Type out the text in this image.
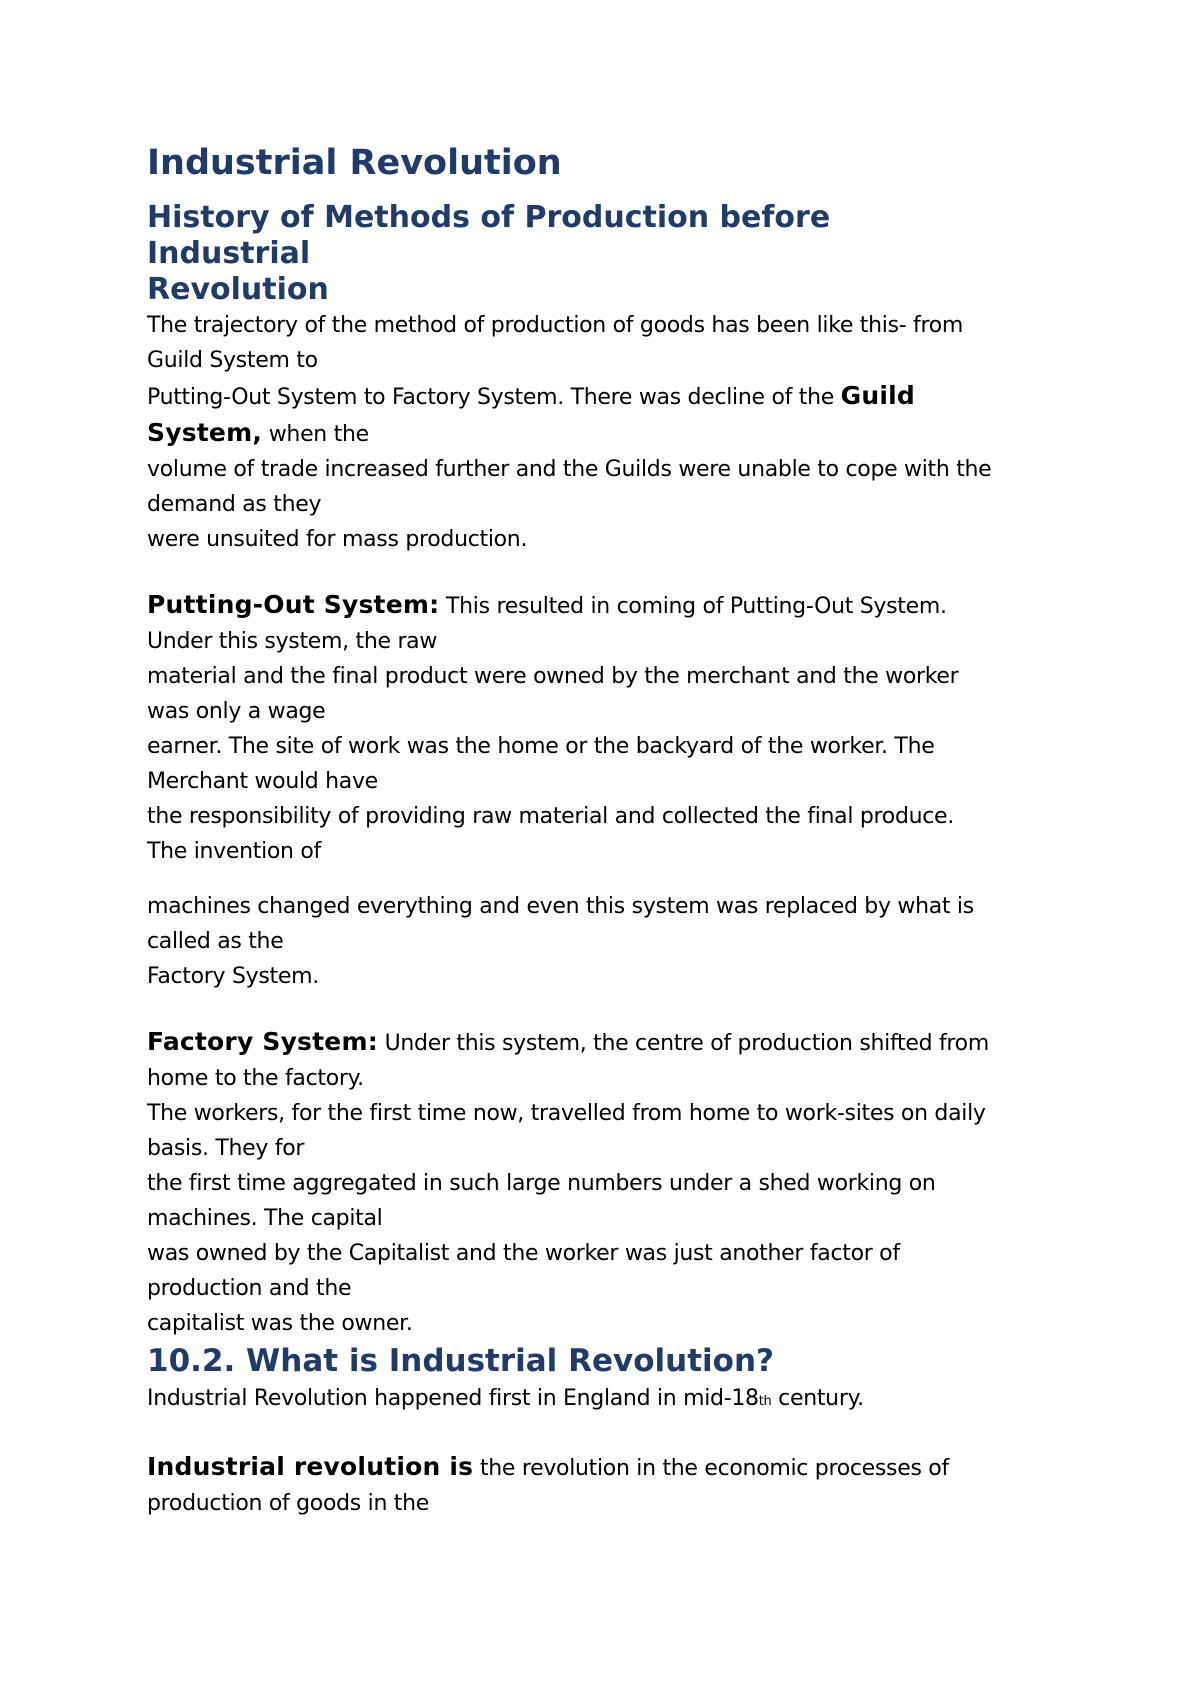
Industrial Revolution
History of Methods of Production before
Industrial
Revolution
The trajectory of the method of production of goods has been like this- from
Guild System to
Putting-Out System to Factory System. There was decline of the Guild
System, when the
volume of trade increased further and the Guilds were unable to cope with the
demand as they
were unsuited for mass production.
Putting-Out System: This resulted in coming of Putting-Out System.
Under this system, the raw
material and the final product were owned by the merchant and the worker
was only a wage
earner. The site of work was the home or the backyard of the worker. The
Merchant would have
the responsibility of providing raw material and collected the final produce.
The invention of
machines changed everything and even this system was replaced by what is
called as the
Factory System.
Factory System: Under this system, the centre of production shifted from
home to the factory.
The workers, for the first time now, travelled from home to work-sites on daily
basis. They for
the first time aggregated in such large numbers under a shed working on
machines. The capital
was owned by the Capitalist and the worker was just another factor of
production and the
capitalist was the owner.
10.2. What is Industrial Revolution?
Industrial Revolution happened first in England in mid-18th century.
Industrial revolution is the revolution in the economic processes of
production of goods in the
